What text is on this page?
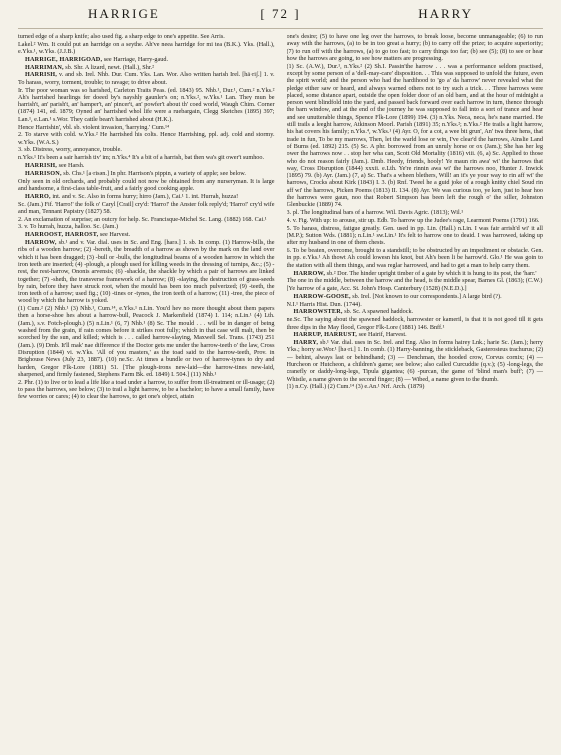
HARRIGE	[ 72 ]	HARRY

turned edge of a sharp knife; also used fig. a sharp edge to one's appetite. See Arris.

Lakel.² Wm. It could put an harridge on a seythe. Ah've neea harridge for mi tea (B.K.). Yks. (Hall.), e.Yks.¹, w.Yks. (J.J.B.)

HARRIGE, HARRIGOAD, see Harriage, Harry-gaud.

HARRIMAN, sb. Shr. A lizard, newt. (Hall.), Shr.²

HARRISH, v. and sb. Irel. Nhb. Dur. Cum. Yks. Lan. Wor. Also written harish Irel. [hā·riʃ.] 1. v. To harass, worry, torment, trouble; to ravage; to drive about.

Ir. The poor woman was so harished, Carleton Traits Peas. (ed. 1843) 95. Nhb.¹, Dur.¹, Cum.² n.Yks.² Ah's harrished hearlings fer doeed by's nayshly gaunler's on; n.Yks.², w.Yks.¹ Lan. They mun be harrish't, an' parish't, an' hamper't, an' pincer't, an' powfer't about th' coed world, Waugh Chim. Corner (1874) 141, ed. 1879; Oyned an' harrished whol life were a ruebargain, Clegg Sketches (1895) 397; Lan.¹, e.Lan.¹ s.Wor. They cattle bean't harrished about (H.K.).

Hence Harrishin', vbl. sb. violent invasion, 'harrying.' Cum.¹⁴

2. To starve with cold. w.Yks.² He harrished his colts. Hence Harrishing, ppl. adj. cold and stormy. w.Yks. (W.A.S.)

3. sb. Distress, worry, annoyance, trouble.

n.Yks.¹ It's been a sair harrish tiv' im; n.Yks.⁴ It's a bit of a harrish, bat then wa's git ower't sumhoo.

HARRISH, see Harsh.

HARRISON, sb. Chs.¹ [a·risən.] In phr. Harrison's pippin, a variety of apple; see below.

Only seen in old orchards, and probably could not now be obtained from any nurseryman. It is large and handsome, a first-class table-fruit, and a fairly good cooking apple.

HARRO, int. and v. Sc. Also in forms hurry; hirro (Jam.), Cai.¹ 1. int. Hurrah, huzza!

Sc. (Jam.) Fif. 'Harro!' the folk o' Caryl [Crail] cry'd: 'Harro!' the Anster folk reply'd; 'Harro!' cry'd wife and man, Tennant Papistry (1827) 58.

2. An exclamation of surprise; an outcry for help. Sc. Francisque-Michel Sc. Lang. (1882) 168. Cai.¹

3. v. To hurrah, huzza, halloo. Sc. (Jam.)

HARROOST, HARROST, see Harvest.

HARROW, sb.¹ and v. Var. dial. uses in Sc. and Eng. [harə.] 1. sb. In comp. (1) Harrow-bills, the ribs of a wooden harrow; (2) -bereth, the breadth of a harrow as shown by the mark on the land over which it has been dragged; (3) -bull or -bulls, the longitudinal beams of a wooden harrow in which the iron teeth are inserted; (4) -plough, a plough used for killing weeds in the dressing of turnips, &c.; (5) -rest, the rest-harrow, Ononis arvensis; (6) -shackle, the shackle by which a pair of harrows are linked together; (7) -sheth, the transverse framework of a harrow; (8) -slaying, the destruction of grass-seeds by rain, before they have struck root, when the mould has been too much pulverized; (9) -teeth, the iron teeth of a harrow; used fig.; (10) -tines or -tynes, the iron teeth of a harrow; (11) -tree, the piece of wood by which the harrow is yoked.

(1) Cum.² (2) Nhb.¹ (3) Nhb.¹, Cum.¹⁴, e.Yks.¹ n.Lin. You'd hev no more thought about them papers then a horse-shoe hes about a harrow-bull, Peacock J. Markenfield (1874) I. 114; n.Lin.¹ (4) Lth. (Jam.), s.v. Fotch-plough.) (5) n.Lin.¹ (6, 7) Nhb.¹ (8) Sc. The mould . . . will be in danger of being washed from the grain, if rain comes before it strikes root fully; which in that case will malt, then be scorched by the sun, and killed; which is . . . called harrow-slaying, Maxwell Sel. Trans. (1743) 251 (Jam.). (9) Dmb. It'll mak' nae difference if the Doctor gets me under the harrow-teeth o' the law, Cross Disruption (1844) vi. w.Yks. 'All of you masters,' as the toad said to the harrow-teeth, Prov. in Brighouse News (July 23, 1887). (10) ne.Sc. At times a bundle or two of harrow-tynes to dry and harden, Gregor Flk-Lore (1881) 51. [The plough-irons new-laid—the harrow-tines new-laid, sharpened, and firmly fastened, Stephens Farm Bk. ed. 1849) I. 504.] (11) Nhb.¹

2. Phr. (1) to live or to lead a life like a toad under a harrow, to suffer from ill-treatment or ill-usage; (2) to pass the harrows, see below; (3) to trail a light harrow, to be a bachelor; to have a small family, have few worries or cares; (4) to clear the harrows, to get one's object, attain

one's desire; (5) to have one leg over the harrows, to break loose, become unmanageable; (6) to run away with the harrows, (a) to be in too great a hurry; (b) to carry off the prize; to acquire superiority; (7) to run off with the harrows, (a) to go too fast; to carry things too far; (b) see (5); (8) to see or hear how the harrows are going, to see how matters are progressing.

(1) Sc. (A.W.), Dur.¹, n.Yks.² (2) Sh.I. Passin'the harrow . . . was a performance seldom practised, except by some person of a 'dell-may-care' disposition. . . This was supposed to unfold the future, even the spirit world; and the person who had the hardihood to 'go a' da harrow' never revealed what the pledge either saw or heard, and always warned others not to try such a trick. . . Three harrows were placed, some distance apart, outside the open folder door of an old barn, and at the hour of midnight a person went blindfold into the yard, and passed back forward over each harrow in turn, thence through the barn window, and at the end of the journey he was supposed to fall into a sort of trance and hear and see unutterable things, Spence Flk-Lore (1899) 194. (3) n.Yks. Neca, neca, he's nane married. He still trails a leeght harrow, Atkinson Moorl. Parish (1891) 35; n.Yks.²; n.Yks.² He trails a light harrow, his hat covers his family; n.Yks.⁴, w.Yks.¹ (4) Ayr. O, for a cot, a wee bit grun', An' twa three hens, that trade in fun, To be my marrows, Then, let the warld lose or win, I've clear'd the harrows, Ainslie Land of Burns (ed. 1892) 215. (5) Sc. A phr. borrowed from an unruly horse or ox (Jam.); She has her leg ower the harrows now . . stop her wha can, Scott Old Mortality (1816) viii. (6, a) Sc. Applied to those who do not reason fairly (Jam.). Dmb. Heedy, friends, hooly! Ye maun rin awa' wi' the harrows that way, Cross Disruption (1844) xxxii. e.Lth. Ye're rinnin awa wi' the harrows noo, Hunter J. Inwick (1895) 79. (b) Ayr. (Jam.) (7, a) Sc. That's a wheen blethers, Will! an it's ye your way to rin aff wi' the harrows, Crocks about Kirk (1843) I. 3. (b) Rnf. Tweel he a guid joke of a rough knitty chiel Soud rin aff wi' the harrows, Picken Poems (1813) II. 134. (8) Ayr. We was curious too, ye ken, just to hear hoo the harrows were gaun, noo that Robert Simpson has been left the rough o' the siller, Johnston Glenbuckie (1889) 74.

3. pl. The longitudinal bars of a harrow. Wil. Davis Agric. (1813); Wil.¹

4. v. Fig. With up: to arouse, stir up. Edb. To harrow up the Judee's rage, Learmont Poems (1791) 166.

5. To harass, distress, fatigue greatly. Gen. used in pp. Lin. (Hall.) n.Lin. I was fair arrish'd wi' it all (M.P.); Sutton Wds. (1881); n.Lin.¹ sw.Lin.¹ It's felt to harrow one to deaid. I was harrowed, taking up after my husband in one of them chests.

6. To be beaten, overcome, brought to a standstill; to be obstructed by an impediment or obstacle. Gen. in pp. e.Yks.¹ Ah thowt Ah could lowesn his knot, but Ah's been li be harrow'd. Glo.¹ He was goin to the station with all them things, and was reglar harrowed, and had to get a man to help carry them.

HARROW, sb.² Dor. The hinder upright timber of a gate by which it is hung to its post, the 'harr.'

The one in the middle, between the harrow and the head, is the middle spear, Barnes Gl. (1863); (C.W.)

[Ye harrow of a gate, Acc. St. John's Hosp. Canterbury (1528) (N.E.D.).]

HARROW-GOOSE, sb. Irel. [Not known to our correspondents.] A large bird (?).

N.I.¹ Harris Hist. Dun. (1744).

HARROWSTER, sb. Sc. A spawned haddock.

ne.Sc. The saying about the spawned haddock, harrowster or kameril, is that it is not good till it gets three dips in the May flood, Gregor Flk-Lore (1881) 146. Bnff.¹

HARRUP, HARRUST, see Hairif, Harvest.

HARRY, sb.¹ Var. dial. uses in Sc. Irel. and Eng. Also in forms hairey Lnk.; harie Sc. (Jam.); herry Yks.; horry se.Wor.¹ [hə·ri.] 1. In comb. (1) Harry-banning, the stickleback, Gasterosteus trachurus; (2) — behint, always last or behindhand; (3) — Denchman, the hooded crow, Corvus cornix; (4) — Hurcheon or Hutcheon, a children's game; see below; also called Curcuddie (q.v.); (5) -long-legs, the cranefly or daddy-long-legs, Tipula gigantea; (6) -purcan, the game of 'blind man's buff'; (7) — Whistle, a name given to the second finger; (8) — Wibed, a name given to the thumb.

(1) n.Cy. (Hall.) (2) Cum.¹⁴ (3) e.An.¹ Nrf. Arch. (1879)
